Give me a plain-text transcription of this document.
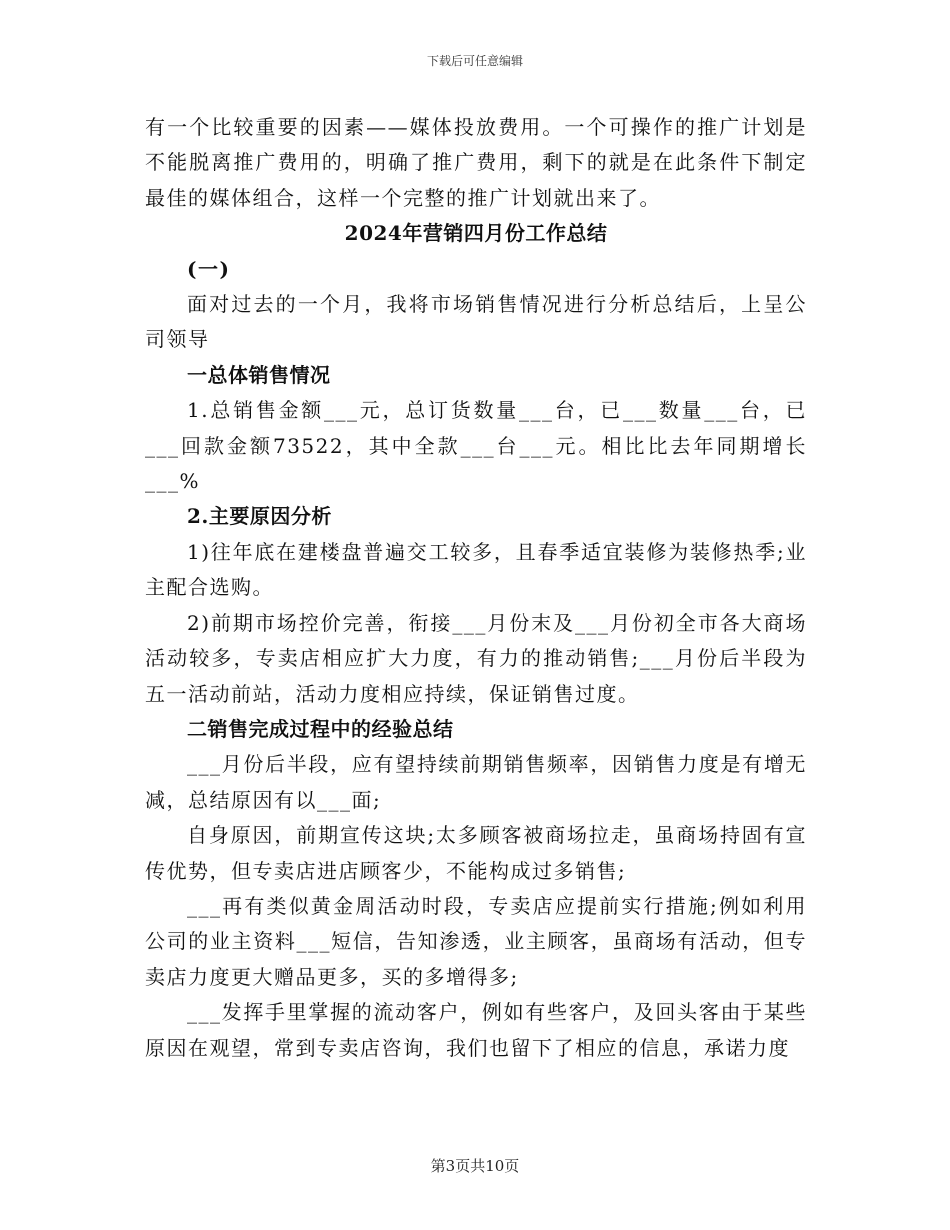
下载后可任意编辑

有一个比较重要的因素——媒体投放费用。一个可操作的推广计划是不能脱离推广费用的，明确了推广费用，剩下的就是在此条件下制定最佳的媒体组合，这样一个完整的推广计划就出来了。

2024年营销四月份工作总结

(一)

面对过去的一个月，我将市场销售情况进行分析总结后，上呈公司领导

一总体销售情况

1.总销售金额___元，总订货数量___台，已___数量___台，已___回款金额73522，其中全款___台___元。相比比去年同期增长___%

2.主要原因分析

1)往年底在建楼盘普遍交工较多，且春季适宜装修为装修热季;业主配合选购。

2)前期市场控价完善，衔接___月份末及___月份初全市各大商场活动较多，专卖店相应扩大力度，有力的推动销售;___月份后半段为五一活动前站，活动力度相应持续，保证销售过度。

二销售完成过程中的经验总结

___月份后半段，应有望持续前期销售频率，因销售力度是有增无减，总结原因有以___面;

自身原因，前期宣传这块;太多顾客被商场拉走，虽商场持固有宣传优势，但专卖店进店顾客少，不能构成过多销售;

___再有类似黄金周活动时段，专卖店应提前实行措施;例如利用公司的业主资料___短信，告知渗透，业主顾客，虽商场有活动，但专卖店力度更大赠品更多，买的多增得多;

___发挥手里掌握的流动客户，例如有些客户，及回头客由于某些原因在观望，常到专卖店咨询，我们也留下了相应的信息，承诺力度

第3页共10页
